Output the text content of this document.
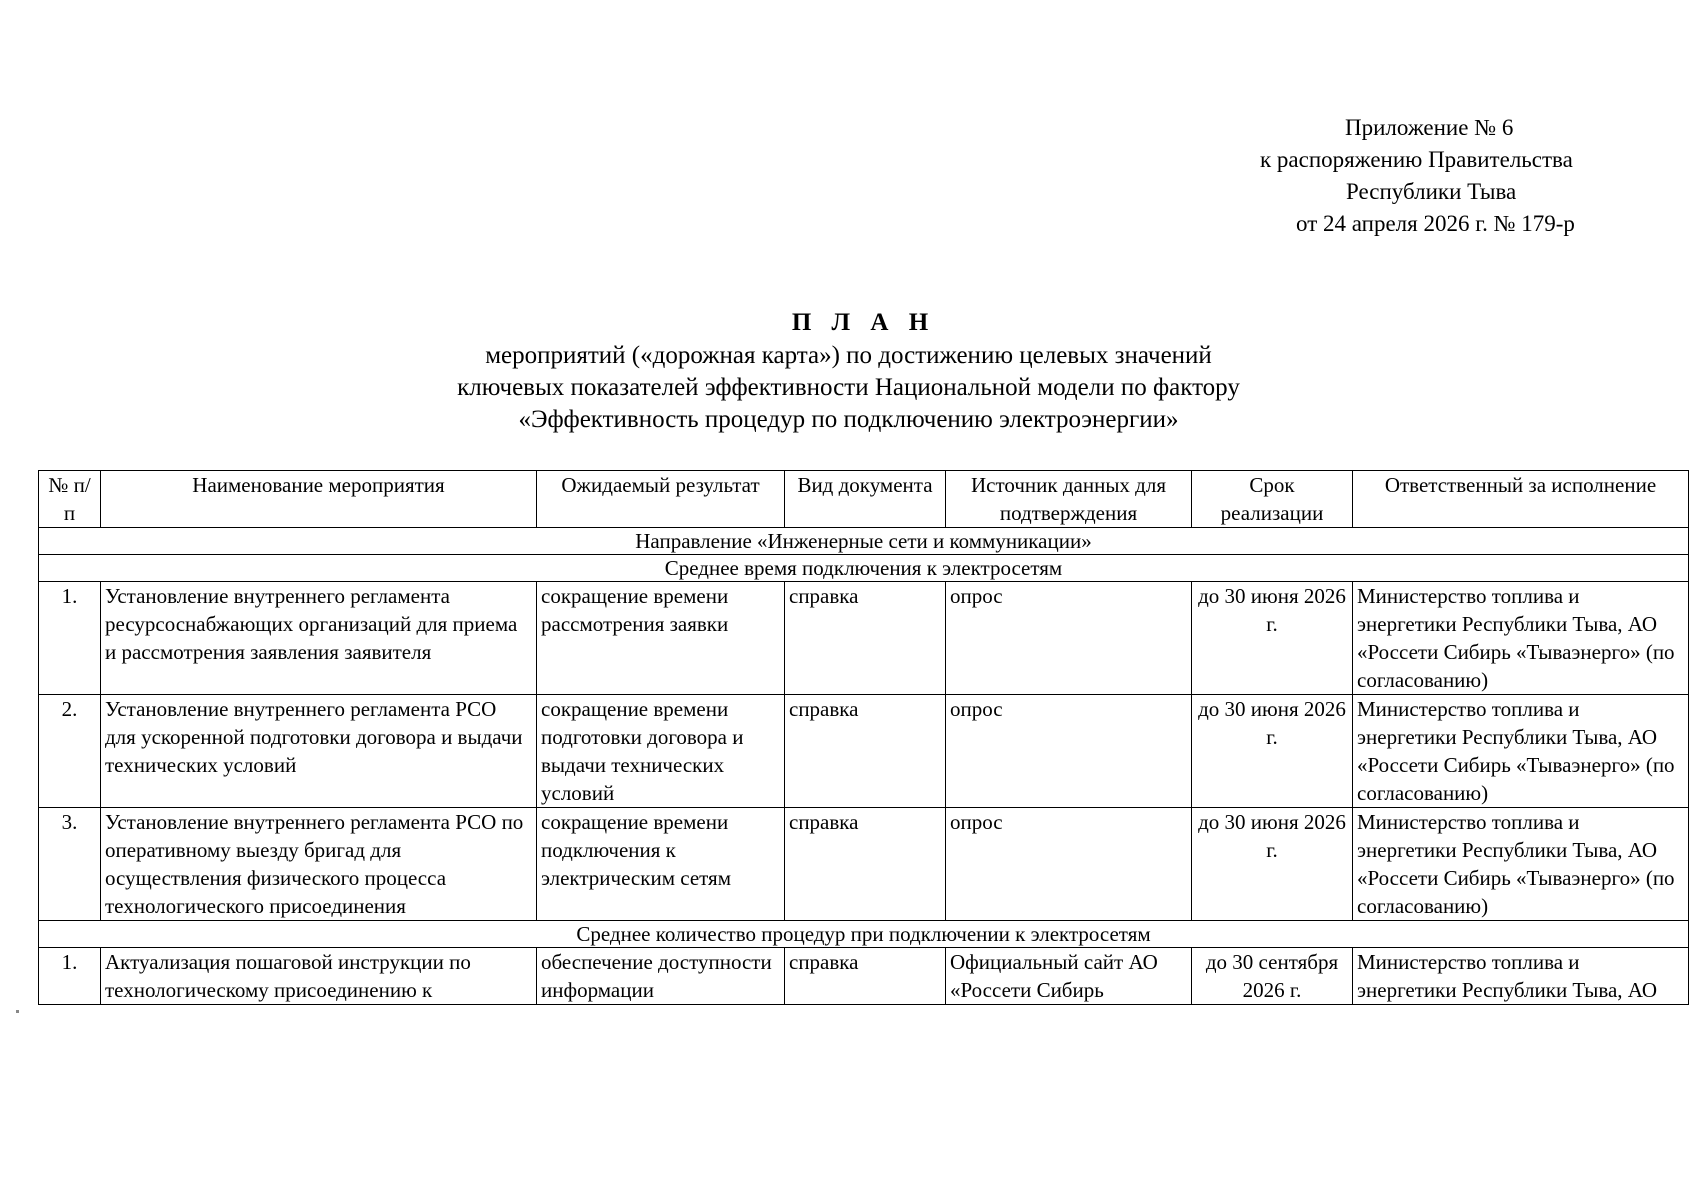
Приложение № 6
к распоряжению Правительства
Республики Тыва
от 24 апреля 2026 г. № 179-р
П Л А Н
мероприятий («дорожная карта») по достижению целевых значений
ключевых показателей эффективности Национальной модели по фактору
«Эффективность процедур по подключению электроэнергии»
№ п/п	Наименование мероприятия	Ожидаемый результат	Вид документа	Источник данных для подтверждения	Срок реализации	Ответственный за исполнение
Направление «Инженерные сети и коммуникации»						
Среднее время подключения к электросетям						
1.	Установление внутреннего регламента ресурсоснабжающих организаций для приема и рассмотрения заявления заявителя	сокращение времени рассмотрения заявки	справка	опрос	до 30 июня 2026 г.	Министерство топлива и энергетики Республики Тыва, АО «Россети Сибирь «Тываэнерго» (по согласованию)
2.	Установление внутреннего регламента РСО для ускоренной подготовки договора и выдачи технических условий	сокращение времени подготовки договора и выдачи технических условий	справка	опрос	до 30 июня 2026 г.	Министерство топлива и энергетики Республики Тыва, АО «Россети Сибирь «Тываэнерго» (по согласованию)
3.	Установление внутреннего регламента РСО по оперативному выезду бригад для осуществления физического процесса технологического присоединения	сокращение времени подключения к электрическим сетям	справка	опрос	до 30 июня 2026 г.	Министерство топлива и энергетики Республики Тыва, АО «Россети Сибирь «Тываэнерго» (по согласованию)
Среднее количество процедур при подключении к электросетям						
1.	Актуализация пошаговой инструкции по технологическому присоединению к	обеспечение доступности информации	справка	Официальный сайт АО «Россети Сибирь	до 30 сентября 2026 г.	Министерство топлива и энергетики Республики Тыва, АО
